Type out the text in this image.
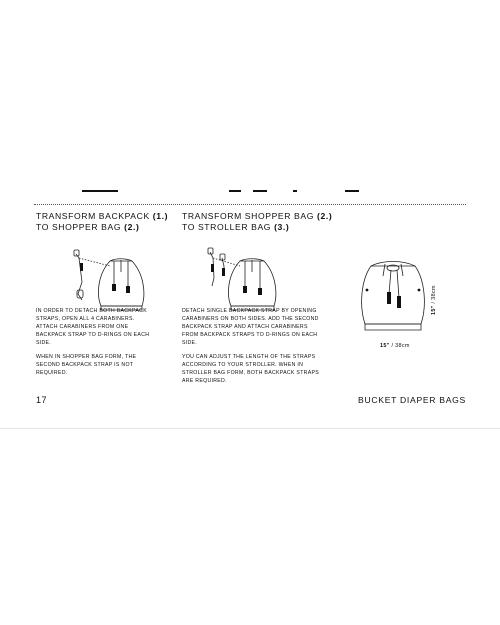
TRANSFORM BACKPACK (1.)
TO SHOPPER BAG (2.)

IN ORDER TO DETACH BOTH BACKPACK STRAPS, OPEN ALL 4 CARABINERS. ATTACH CARABINERS FROM ONE BACKPACK STRAP TO D-RINGS ON EACH SIDE.

WHEN IN SHOPPER BAG FORM, THE SECOND BACKPACK STRAP IS NOT REQUIRED.

TRANSFORM SHOPPER BAG (2.)
TO STROLLER BAG (3.)

DETACH SINGLE BACKPACK STRAP BY OPENING CARABINERS ON BOTH SIDES. ADD THE SECOND BACKPACK STRAP AND ATTACH CARABINERS FROM BACKPACK STRAPS TO D-RINGS ON EACH SIDE.

YOU CAN ADJUST THE LENGTH OF THE STRAPS ACCORDING TO YOUR STROLLER. WHEN IN STROLLER BAG FORM, BOTH BACKPACK STRAPS ARE REQUIRED.

15" / 38cm
15" / 38cm
17	BUCKET DIAPER BAGS
